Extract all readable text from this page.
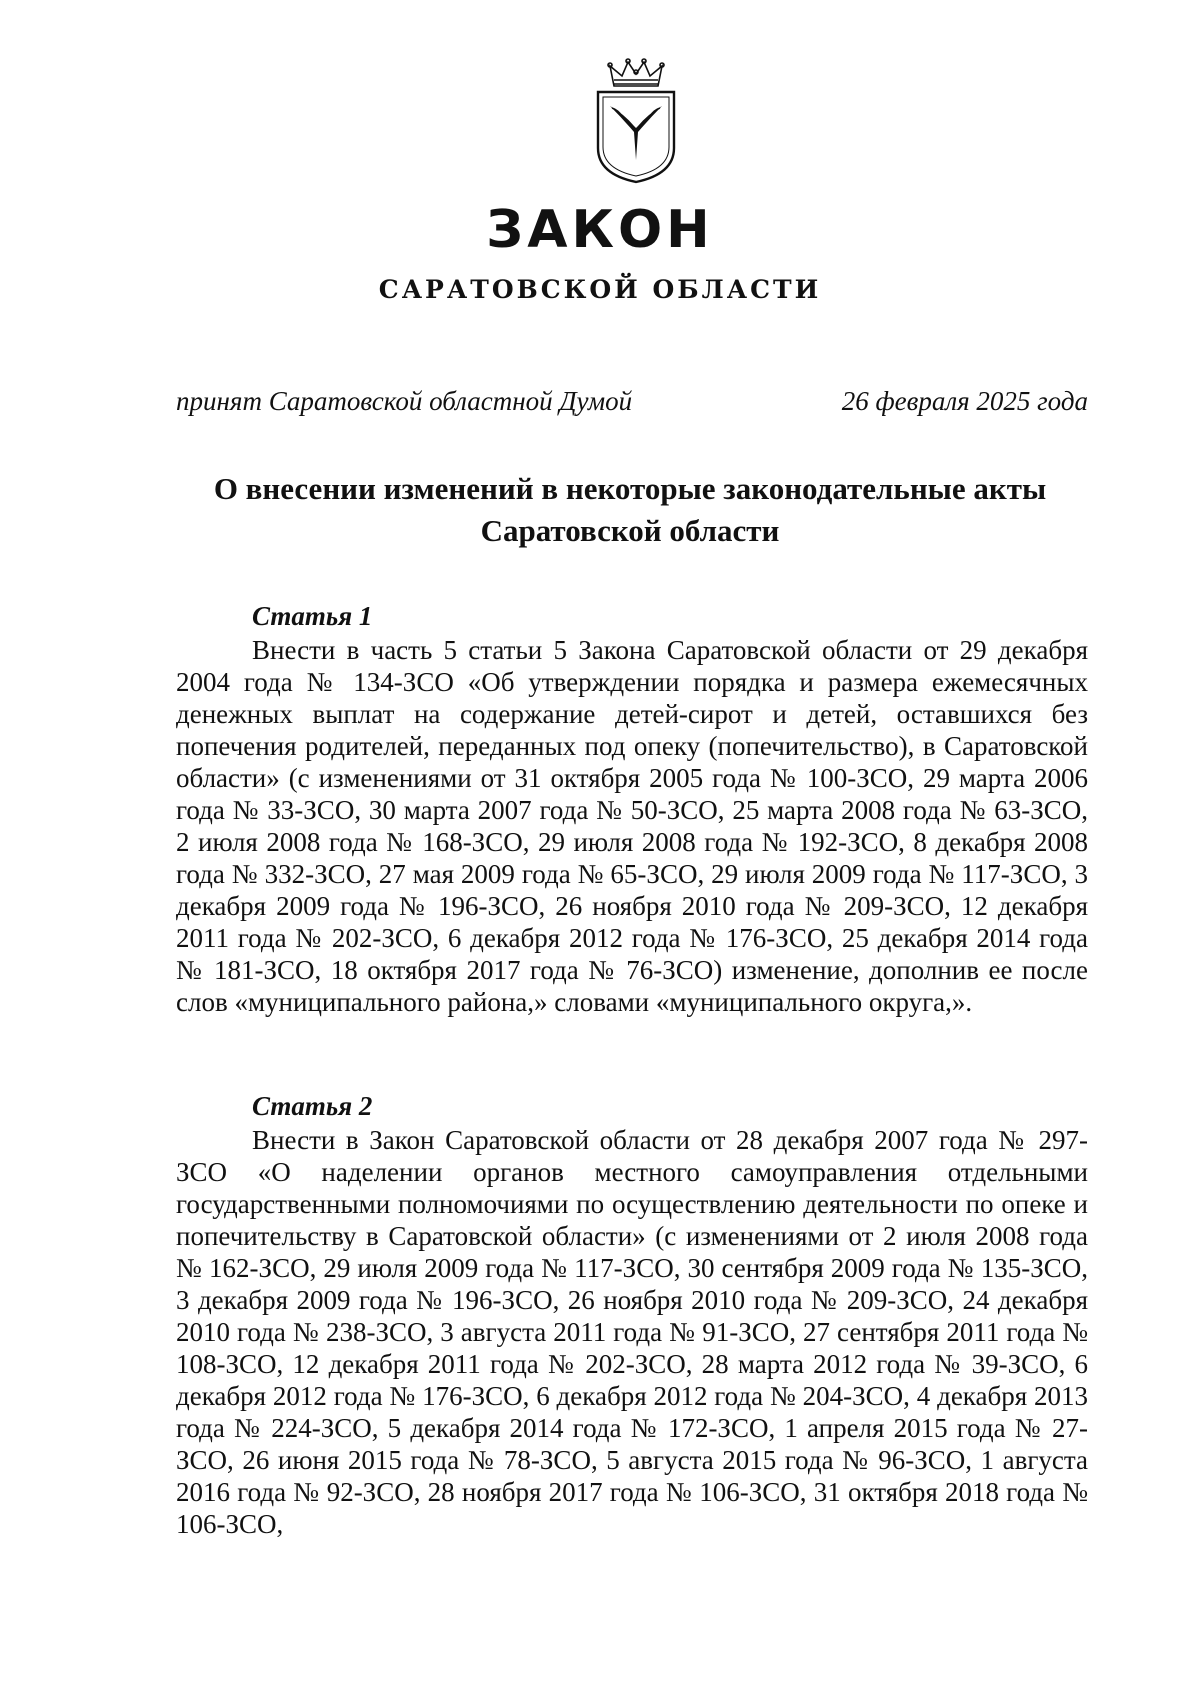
ЗАКОН
САРАТОВСКОЙ ОБЛАСТИ
принят Саратовской областной Думой	26 февраля 2025 года
О внесении изменений в некоторые законодательные акты Саратовской области
Статья 1

Внести в часть 5 статьи 5 Закона Саратовской области от 29 декабря 2004 года № 134-ЗСО «Об утверждении порядка и размера ежемесячных денежных выплат на содержание детей-сирот и детей, оставшихся без попечения родителей, переданных под опеку (попечительство), в Саратовской области» (с изменениями от 31 октября 2005 года № 100-ЗСО, 29 марта 2006 года № 33-ЗСО, 30 марта 2007 года № 50-ЗСО, 25 марта 2008 года № 63-ЗСО, 2 июля 2008 года № 168-ЗСО, 29 июля 2008 года № 192-ЗСО, 8 декабря 2008 года № 332-ЗСО, 27 мая 2009 года № 65-ЗСО, 29 июля 2009 года № 117-ЗСО, 3 декабря 2009 года № 196-ЗСО, 26 ноября 2010 года № 209-ЗСО, 12 декабря 2011 года № 202-ЗСО, 6 декабря 2012 года № 176-ЗСО, 25 декабря 2014 года № 181-ЗСО, 18 октября 2017 года № 76-ЗСО) изменение, дополнив ее после слов «муниципального района,» словами «муниципального округа,».

Статья 2

Внести в Закон Саратовской области от 28 декабря 2007 года № 297-ЗСО «О наделении органов местного самоуправления отдельными государственными полномочиями по осуществлению деятельности по опеке и попечительству в Саратовской области» (с изменениями от 2 июля 2008 года № 162-ЗСО, 29 июля 2009 года № 117-ЗСО, 30 сентября 2009 года № 135-ЗСО, 3 декабря 2009 года № 196-ЗСО, 26 ноября 2010 года № 209-ЗСО, 24 декабря 2010 года № 238-ЗСО, 3 августа 2011 года № 91-ЗСО, 27 сентября 2011 года № 108-ЗСО, 12 декабря 2011 года № 202-ЗСО, 28 марта 2012 года № 39-ЗСО, 6 декабря 2012 года № 176-ЗСО, 6 декабря 2012 года № 204-ЗСО, 4 декабря 2013 года № 224-ЗСО, 5 декабря 2014 года № 172-ЗСО, 1 апреля 2015 года № 27-ЗСО, 26 июня 2015 года № 78-ЗСО, 5 августа 2015 года № 96-ЗСО, 1 августа 2016 года № 92-ЗСО, 28 ноября 2017 года № 106-ЗСО, 31 октября 2018 года № 106-ЗСО,
